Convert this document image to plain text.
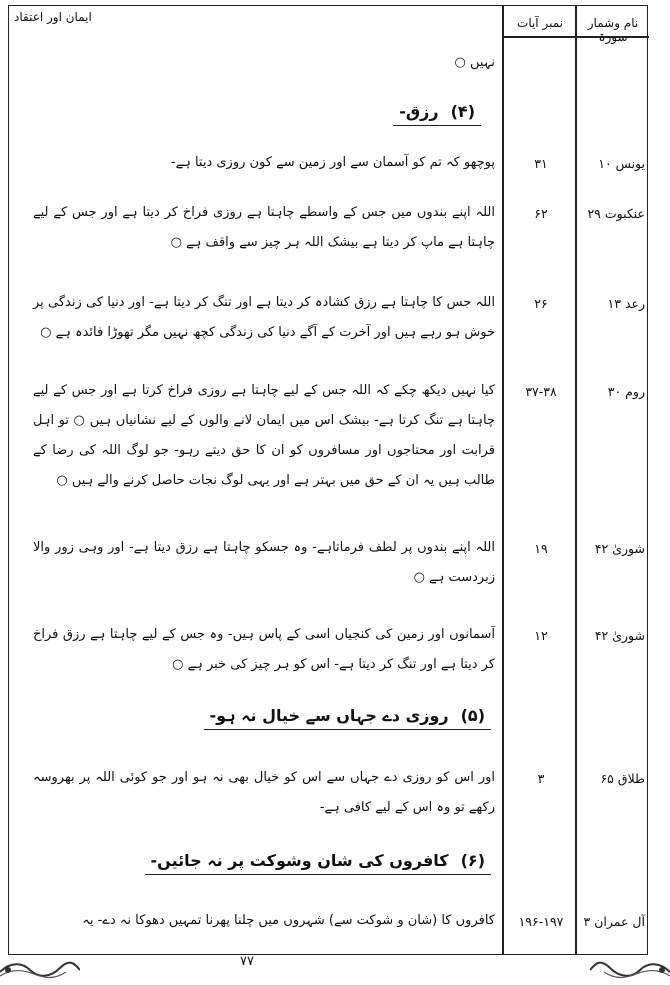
ایمان اور اعتقاد	نام وشمار سورۃ
نمبر آیات
نہیں ○
(۴)رزق-
یونس ۱۰
۳۱
پوچھو کہ تم کو آسمان سے اور زمین سے کون روزی دیتا ہے-
عنکبوت ۲۹
۶۲
اللہ اپنے بندوں میں جس کے واسطے چاہتا ہے روزی فراخ کر دیتا ہے اور جس کے لیے چاہتا ہے ماپ کر دیتا ہے بیشک اللہ ہر چیز سے واقف ہے ○
رعد ۱۳
۲۶
اللہ جس کا چاہتا ہے رزق کشادہ کر دیتا ہے اور تنگ کر دیتا ہے- اور دنیا کی زندگی پر خوش ہو رہے ہیں اور آخرت کے آگے دنیا کی زندگی کچھ نہیں مگر تھوڑا فائدہ ہے ○
روم ۳۰
۳۷-۳۸
کیا نہیں دیکھ چکے کہ اللہ جس کے لیے چاہتا ہے روزی فراخ کرتا ہے اور جس کے لیے چاہتا ہے تنگ کرتا ہے- بیشک اس میں ایمان لانے والوں کے لیے نشانیاں ہیں ○ تو اہل قرابت اور محتاجوں اور مسافروں کو ان کا حق دیتے رہو- جو لوگ اللہ کی رضا کے طالب ہیں یہ ان کے حق میں بہتر ہے اور یہی لوگ نجات حاصل کرنے والے ہیں ○
شوریٰ ۴۲
۱۹
اللہ اپنے بندوں پر لطف فرماتاہے- وہ جسکو چاہتا ہے رزق دیتا ہے- اور وہی زور والا زبردست ہے ○
شوریٰ ۴۲
۱۲
آسمانوں اور زمین کی کنجیاں اسی کے پاس ہیں- وہ جس کے لیے چاہتا ہے رزق فراخ کر دیتا ہے اور تنگ کر دیتا ہے- اس کو ہر چیز کی خبر ہے ○
(۵)روزی دے جہاں سے خیال نہ ہو-
طلاق ۶۵
۳
اور اس کو روزی دے جہاں سے اس کو خیال بھی نہ ہو اور جو کوئی اللہ پر بھروسہ رکھے تو وہ اس کے لیے کافی ہے-
(۶)کافروں کی شان وشوکت پر نہ جائیں-
آل عمران ۳
۱۹۶-۱۹۷
کافروں کا (شان و شوکت سے) شہروں میں چلنا پھرنا تمہیں دھوکا نہ دے- یہ
۷۷
